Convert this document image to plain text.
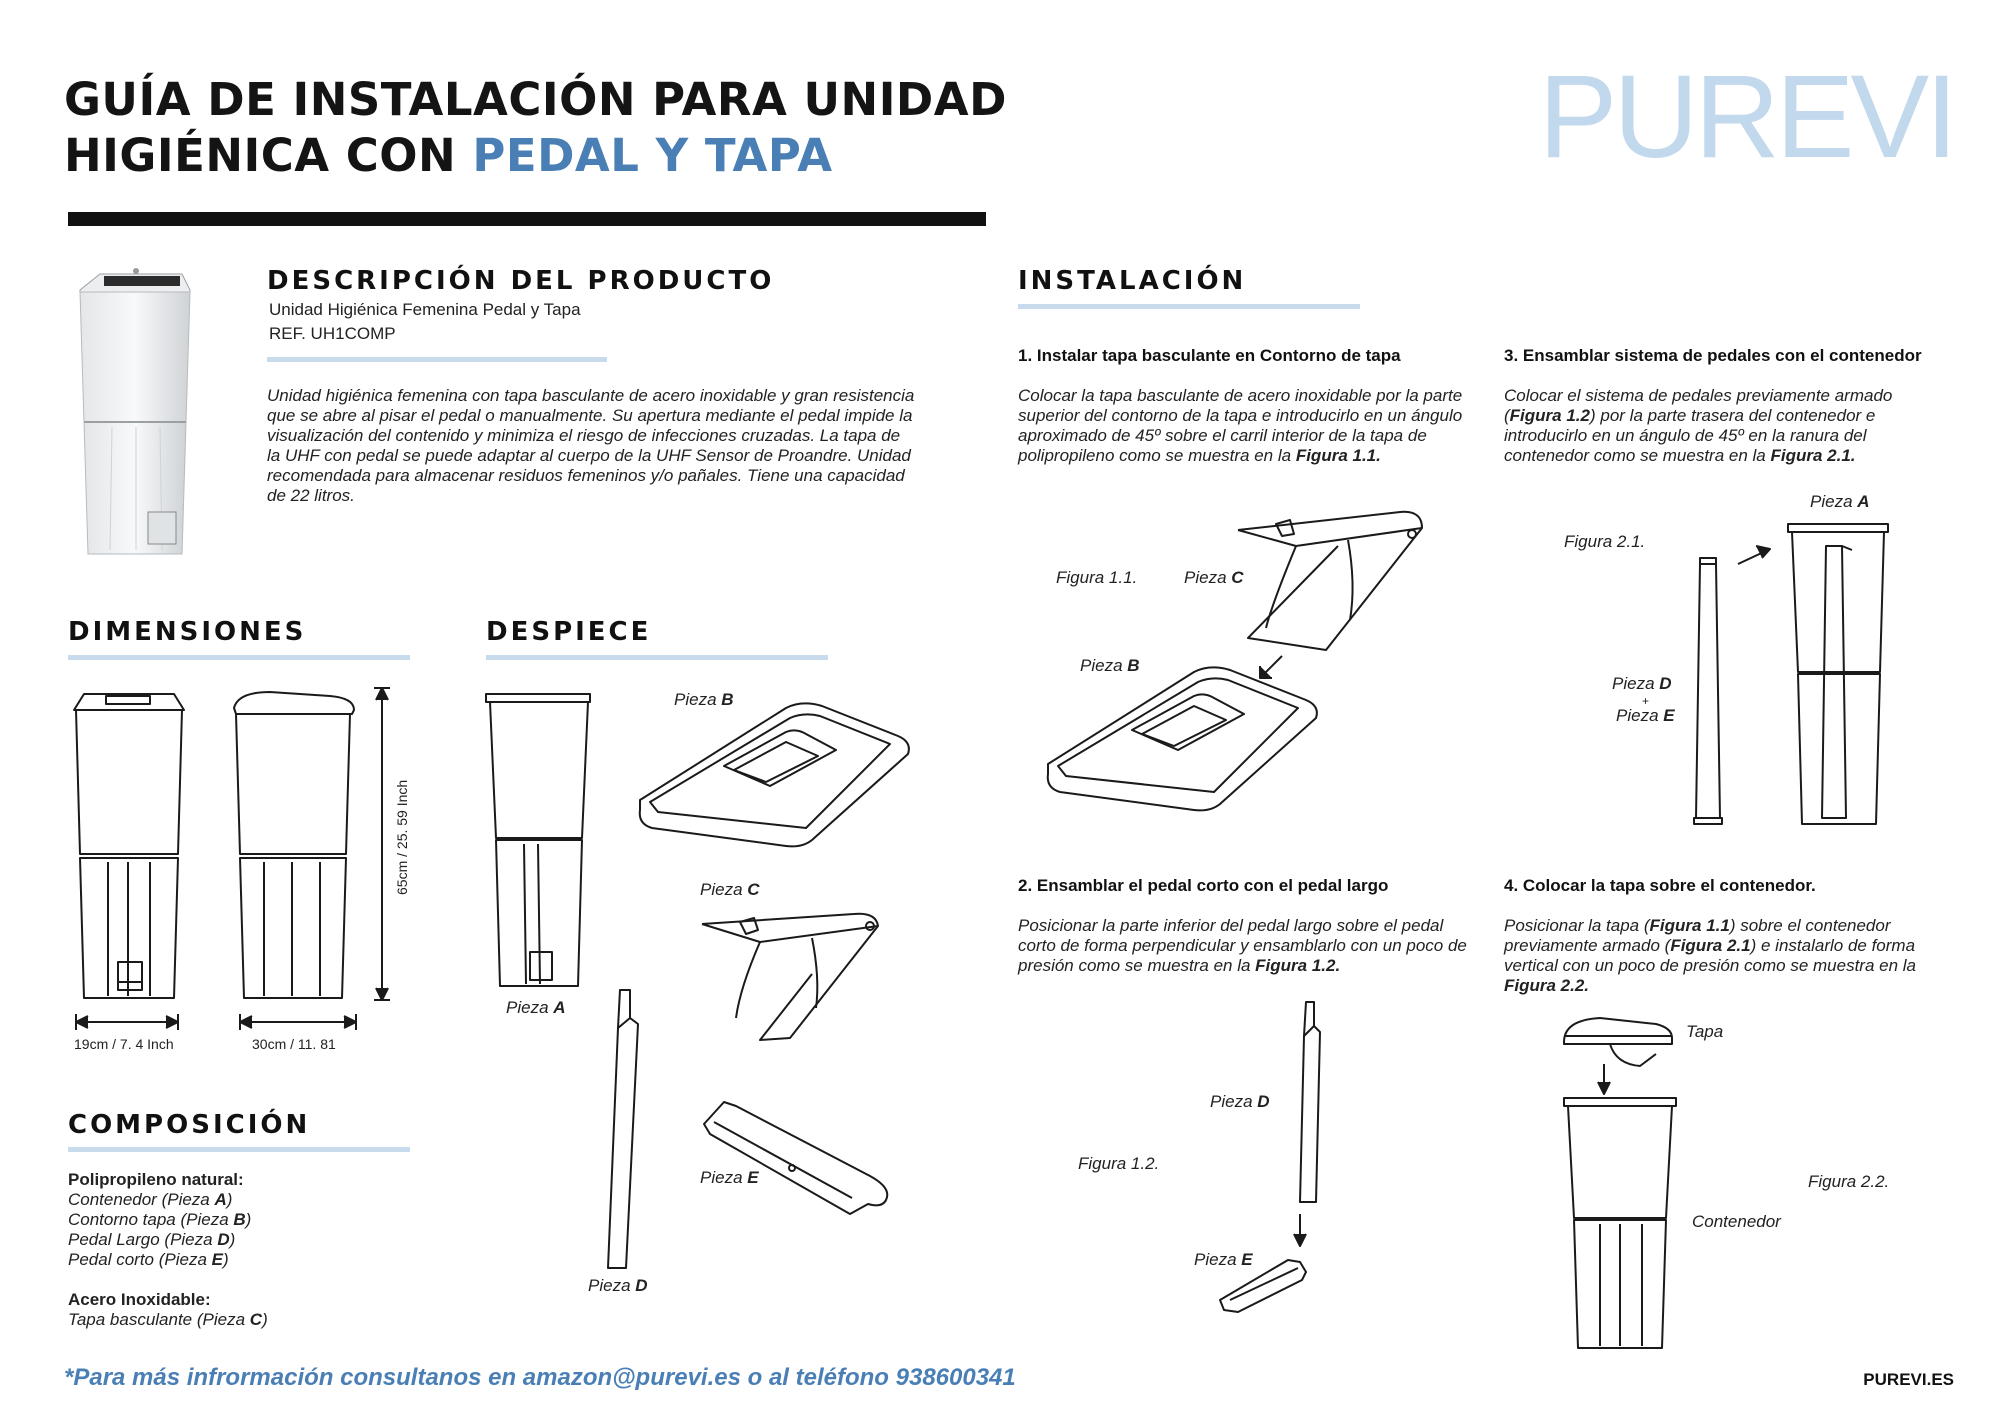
GUÍA DE INSTALACIÓN PARA UNIDAD
HIGIÉNICA CON PEDAL Y TAPA	PUREVI
DESCRIPCIÓN DEL PRODUCTO
Unidad Higiénica Femenina Pedal y Tapa
REF. UH1COMP
Unidad higiénica femenina con tapa basculante de acero inoxidable y gran resistencia que se abre al pisar el pedal o manualmente. Su apertura mediante el pedal impide la visualización del contenido y minimiza el riesgo de infecciones cruzadas. La tapa de la UHF con pedal se puede adaptar al cuerpo de la UHF Sensor de Proandre. Unidad recomendada para almacenar residuos femeninos y/o pañales. Tiene una capacidad de 22 litros.
DIMENSIONES
65cm / 25. 59 Inch
19cm / 7. 4 Inch	30cm / 11. 81
COMPOSICIÓN
Polipropileno natural:
Contenedor (Pieza A)
Contorno tapa (Pieza B)
Pedal Largo (Pieza D)
Pedal corto (Pieza E)
Acero Inoxidable:
Tapa basculante (Pieza C)
DESPIECE
Pieza A
Pieza B
Pieza C
Pieza D
Pieza E
INSTALACIÓN
1. Instalar tapa basculante en Contorno de tapa
Colocar la tapa basculante de acero inoxidable por la parte superior del contorno de la tapa e introducirlo en un ángulo aproximado de 45º sobre el carril interior de la tapa de polipropileno como se muestra en la Figura 1.1.
Figura 1.1.	Pieza C
Pieza B
2. Ensamblar el pedal corto con el pedal largo
Posicionar la parte inferior del pedal largo sobre el pedal corto de forma perpendicular y ensamblarlo con un poco de presión como se muestra en la Figura 1.2.
Pieza D
Figura 1.2.
Pieza E
3. Ensamblar sistema de pedales con el contenedor
Colocar el sistema de pedales previamente armado (Figura 1.2) por la parte trasera del contenedor e introducirlo en un ángulo de 45º en la ranura del contenedor como se muestra en la Figura 2.1.
Pieza A
Figura 2.1.
Pieza D
+
Pieza E
4. Colocar la tapa sobre el contenedor.
Posicionar la tapa (Figura 1.1) sobre el contenedor previamente armado (Figura 2.1) e instalarlo de forma vertical con un poco de presión como se muestra en la Figura 2.2.
Tapa
Contenedor
Figura 2.2.
*Para más infrormación consultanos en amazon@purevi.es o al teléfono 938600341	PUREVI.ES
